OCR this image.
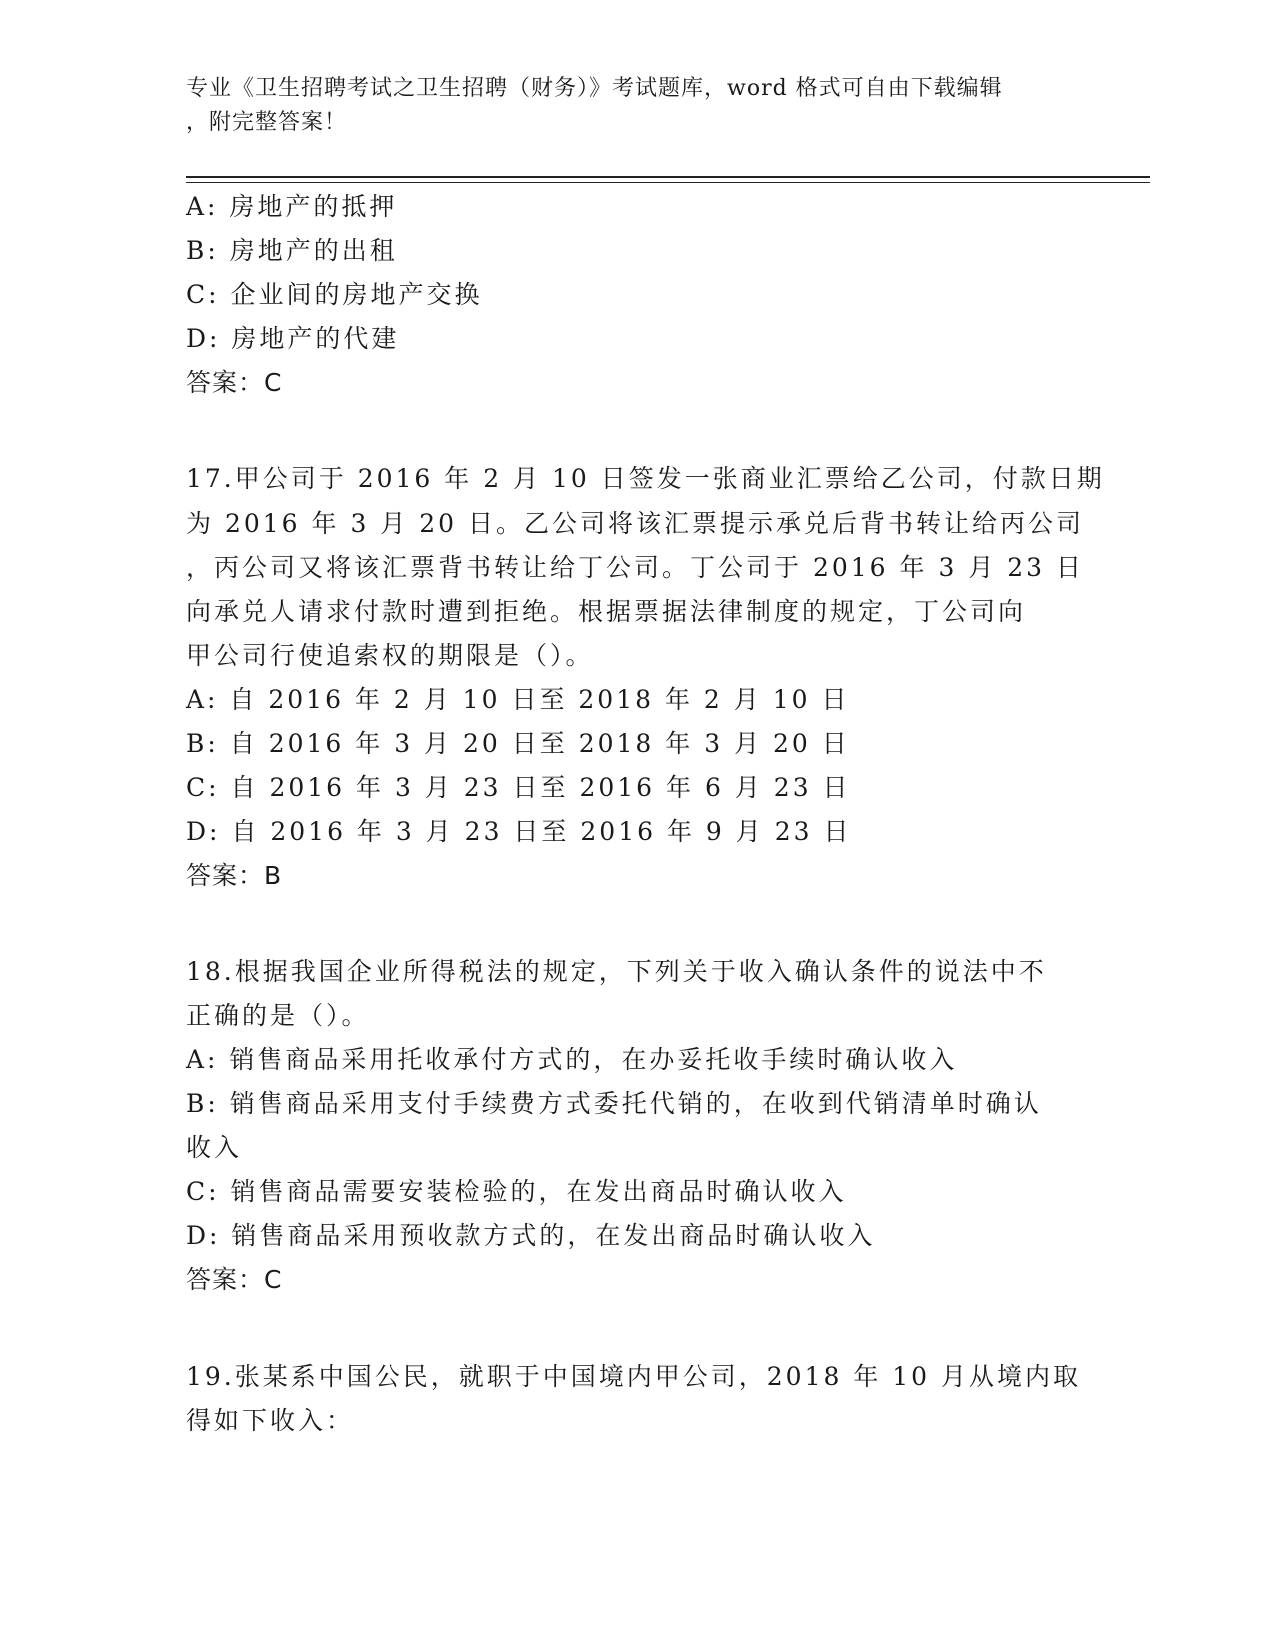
专业《卫生招聘考试之卫生招聘（财务）》考试题库，word 格式可自由下载编辑
，附完整答案！
A: 房地产的抵押
B: 房地产的出租
C: 企业间的房地产交换
D: 房地产的代建
答案：C
17.甲公司于 2016 年 2 月 10 日签发一张商业汇票给乙公司，付款日期
为 2016 年 3 月 20 日。乙公司将该汇票提示承兑后背书转让给丙公司
，丙公司又将该汇票背书转让给丁公司。丁公司于 2016 年 3 月 23 日
向承兑人请求付款时遭到拒绝。根据票据法律制度的规定，丁公司向
甲公司行使追索权的期限是（）。
A: 自 2016 年 2 月 10 日至 2018 年 2 月 10 日
B: 自 2016 年 3 月 20 日至 2018 年 3 月 20 日
C: 自 2016 年 3 月 23 日至 2016 年 6 月 23 日
D: 自 2016 年 3 月 23 日至 2016 年 9 月 23 日
答案：B
18.根据我国企业所得税法的规定，下列关于收入确认条件的说法中不
正确的是（）。
A: 销售商品采用托收承付方式的，在办妥托收手续时确认收入
B: 销售商品采用支付手续费方式委托代销的，在收到代销清单时确认
收入
C: 销售商品需要安装检验的，在发出商品时确认收入
D: 销售商品采用预收款方式的，在发出商品时确认收入
答案：C
19.张某系中国公民，就职于中国境内甲公司，2018 年 10 月从境内取
得如下收入：
